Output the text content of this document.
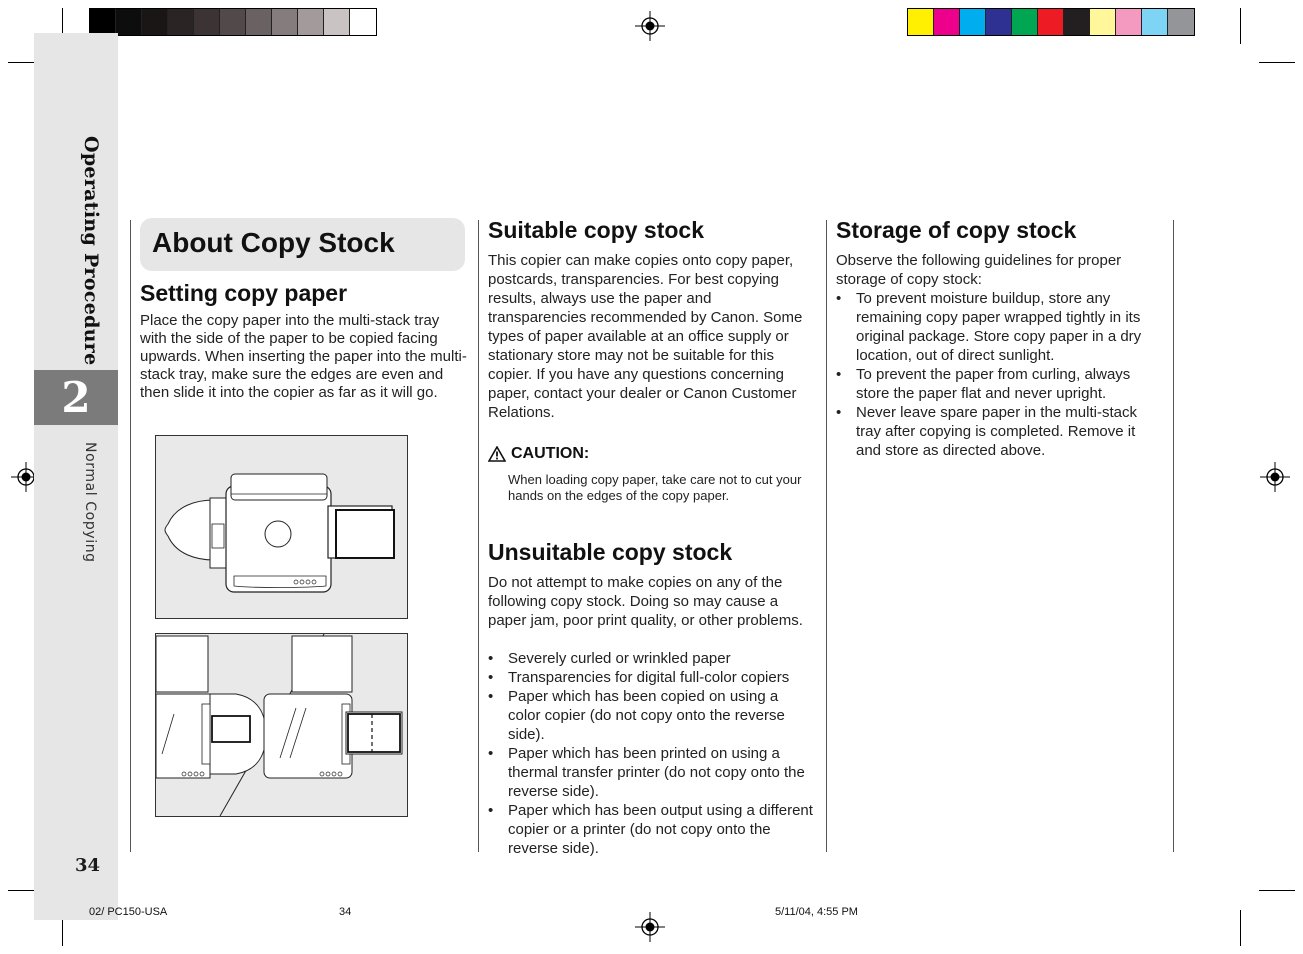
Operating Procedure
2
Normal Copying
34
About Copy Stock
Setting copy paper

Place the copy paper into the multi-stack tray with the side of the paper to be copied facing upwards. When inserting the paper into the multi-stack tray, make sure the edges are even and then slide it into the copier as far as it will go.

Suitable copy stock

This copier can make copies onto copy paper, postcards, transparencies. For best copying results, always use the paper and transparencies recommended by Canon. Some types of paper available at an office supply or stationary store may not be suitable for this copier. If you have any questions concerning paper, contact your dealer or Canon Customer Relations.

CAUTION:

When loading copy paper, take care not to cut your hands on the edges of the copy paper.

Unsuitable copy stock

Do not attempt to make copies on any of the following copy stock. Doing so may cause a paper jam, poor print quality, or other problems.

• Severely curled or wrinkled paper
• Transparencies for digital full-color copiers
• Paper which has been copied on using a color copier (do not copy onto the reverse side).
• Paper which has been printed on using a thermal transfer printer (do not copy onto the reverse side).
• Paper which has been output using a different copier or a printer (do not copy onto the reverse side).
Storage of copy stock

Observe the following guidelines for proper storage of copy stock:

• To prevent moisture buildup, store any remaining copy paper wrapped tightly in its original package. Store copy paper in a dry location, out of direct sunlight.
• To prevent the paper from curling, always store the paper flat and never upright.
• Never leave spare paper in the multi-stack tray after copying is completed. Remove it and store as directed above.
02/ PC150-USA	34	5/11/04, 4:55 PM
